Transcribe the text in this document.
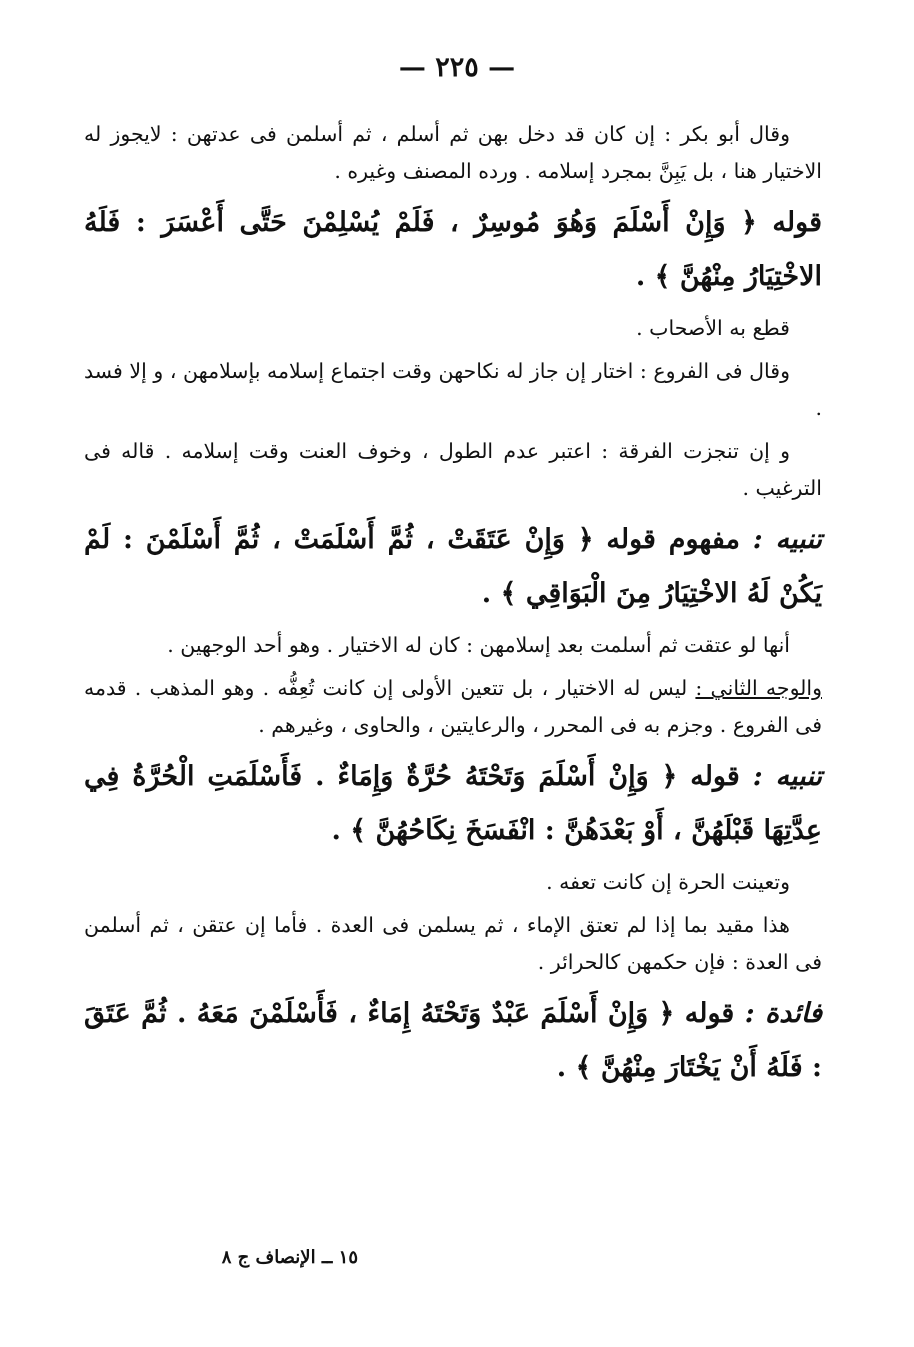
— ٢٢٥ —
وقال أبو بكر : إن كان قد دخل بهن ثم أسلم ، ثم أسلمن فى عدتهن : لايجوز له الاختيار هنا ، بل يَبِنَّ بمجرد إسلامه . ورده المصنف وغيره .
قوله ﴿ وَإِنْ أَسْلَمَ وَهُوَ مُوسِرٌ ، فَلَمْ يُسْلِمْنَ حَتَّى أَعْسَرَ : فَلَهُ الاخْتِيَارُ مِنْهُنَّ ﴾ .
قطع به الأصحاب .
وقال فى الفروع : اختار إن جاز له نكاحهن وقت اجتماع إسلامه بإسلامهن ، و إلا فسد .
و إن تنجزت الفرقة : اعتبر عدم الطول ، وخوف العنت وقت إسلامه . قاله فى الترغيب .
تنبيه : مفهوم قوله ﴿ وَإِنْ عَتَقَتْ ، ثُمَّ أَسْلَمَتْ ، ثُمَّ أَسْلَمْنَ : لَمْ يَكُنْ لَهُ الاخْتِيَارُ مِنَ الْبَوَاقِي ﴾ .
أنها لو عتقت ثم أسلمت بعد إسلامهن : كان له الاختيار . وهو أحد الوجهين .
والوجه الثاني : ليس له الاختيار ، بل تتعين الأولى إن كانت تُعِفُّه . وهو المذهب . قدمه فى الفروع . وجزم به فى المحرر ، والرعايتين ، والحاوى ، وغيرهم .
تنبيه : قوله ﴿ وَإِنْ أَسْلَمَ وَتَحْتَهُ حُرَّةٌ وَإِمَاءٌ . فَأَسْلَمَتِ الْحُرَّةُ فِي عِدَّتِهَا قَبْلَهُنَّ ، أَوْ بَعْدَهُنَّ : انْفَسَخَ نِكَاحُهُنَّ ﴾ .
وتعينت الحرة إن كانت تعفه .
هذا مقيد بما إذا لم تعتق الإماء ، ثم يسلمن فى العدة . فأما إن عتقن ، ثم أسلمن فى العدة : فإن حكمهن كالحرائر .
فائدة : قوله ﴿ وَإِنْ أَسْلَمَ عَبْدٌ وَتَحْتَهُ إِمَاءٌ ، فَأَسْلَمْنَ مَعَهُ . ثُمَّ عَتَقَ : فَلَهُ أَنْ يَخْتَارَ مِنْهُنَّ ﴾ .
١٥ ــ الإنصاف ج ٨
